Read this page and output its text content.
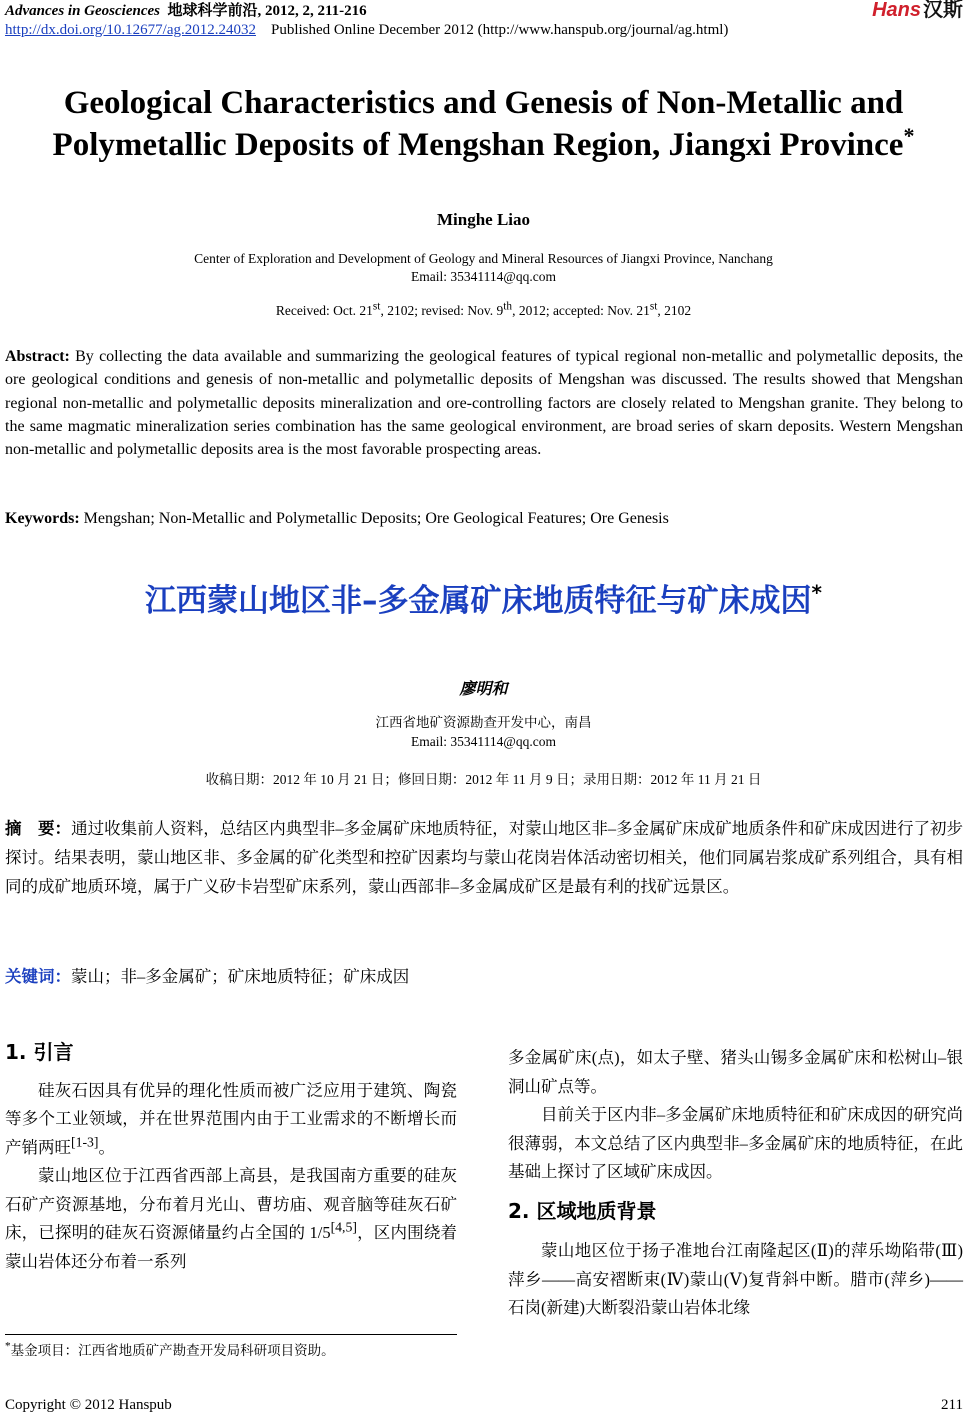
Advances in Geosciences 地球科学前沿, 2012, 2, 211-216
http://dx.doi.org/10.12677/ag.2012.24032 Published Online December 2012 (http://www.hanspub.org/journal/ag.html)
Hans 汉斯
Geological Characteristics and Genesis of Non-Metallic and
Polymetallic Deposits of Mengshan Region, Jiangxi Province*
Minghe Liao
Center of Exploration and Development of Geology and Mineral Resources of Jiangxi Province, Nanchang
Email: 35341114@qq.com
Received: Oct. 21st, 2102; revised: Nov. 9th, 2012; accepted: Nov. 21st, 2102
Abstract: By collecting the data available and summarizing the geological features of typical regional non-metallic and polymetallic deposits, the ore geological conditions and genesis of non-metallic and polymetallic deposits of Mengshan was discussed. The results showed that Mengshan regional non-metallic and polymetallic deposits mineralization and ore-controlling factors are closely related to Mengshan granite. They belong to the same magmatic mineralization series combination has the same geological environment, are broad series of skarn deposits. Western Mengshan non-metallic and polymetallic deposits area is the most favorable prospecting areas.
Keywords: Mengshan; Non-Metallic and Polymetallic Deposits; Ore Geological Features; Ore Genesis
江西蒙山地区非–多金属矿床地质特征与矿床成因*
廖明和
江西省地矿资源勘查开发中心，南昌
Email: 35341114@qq.com
收稿日期：2012 年 10 月 21 日；修回日期：2012 年 11 月 9 日；录用日期：2012 年 11 月 21 日
摘　要：通过收集前人资料，总结区内典型非–多金属矿床地质特征，对蒙山地区非–多金属矿床成矿地质条件和矿床成因进行了初步探讨。结果表明，蒙山地区非、多金属的矿化类型和控矿因素均与蒙山花岗岩体活动密切相关，他们同属岩浆成矿系列组合，具有相同的成矿地质环境，属于广义矽卡岩型矿床系列，蒙山西部非–多金属成矿区是最有利的找矿远景区。
关键词：蒙山；非–多金属矿；矿床地质特征；矿床成因
1. 引言

硅灰石因具有优异的理化性质而被广泛应用于建筑、陶瓷等多个工业领域，并在世界范围内由于工业需求的不断增长而产销两旺[1-3]。

蒙山地区位于江西省西部上高县，是我国南方重要的硅灰石矿产资源基地，分布着月光山、曹坊庙、观音脑等硅灰石矿床，已探明的硅灰石资源储量约占全国的 1/5[4,5]，区内围绕着蒙山岩体还分布着一系列

多金属矿床(点)，如太子壁、猪头山锡多金属矿床和松树山–银洞山矿点等。

目前关于区内非–多金属矿床地质特征和矿床成因的研究尚很薄弱，本文总结了区内典型非–多金属矿床的地质特征，在此基础上探讨了区域矿床成因。

2. 区域地质背景

蒙山地区位于扬子准地台江南隆起区(Ⅱ)的萍乐坳陷带(Ⅲ)萍乡——高安褶断束(Ⅳ)蒙山(Ⅴ)复背斜中断。腊市(萍乡)——石岗(新建)大断裂沿蒙山岩体北缘

*基金项目：江西省地质矿产勘查开发局科研项目资助。
Copyright © 2012 Hanspub	211
